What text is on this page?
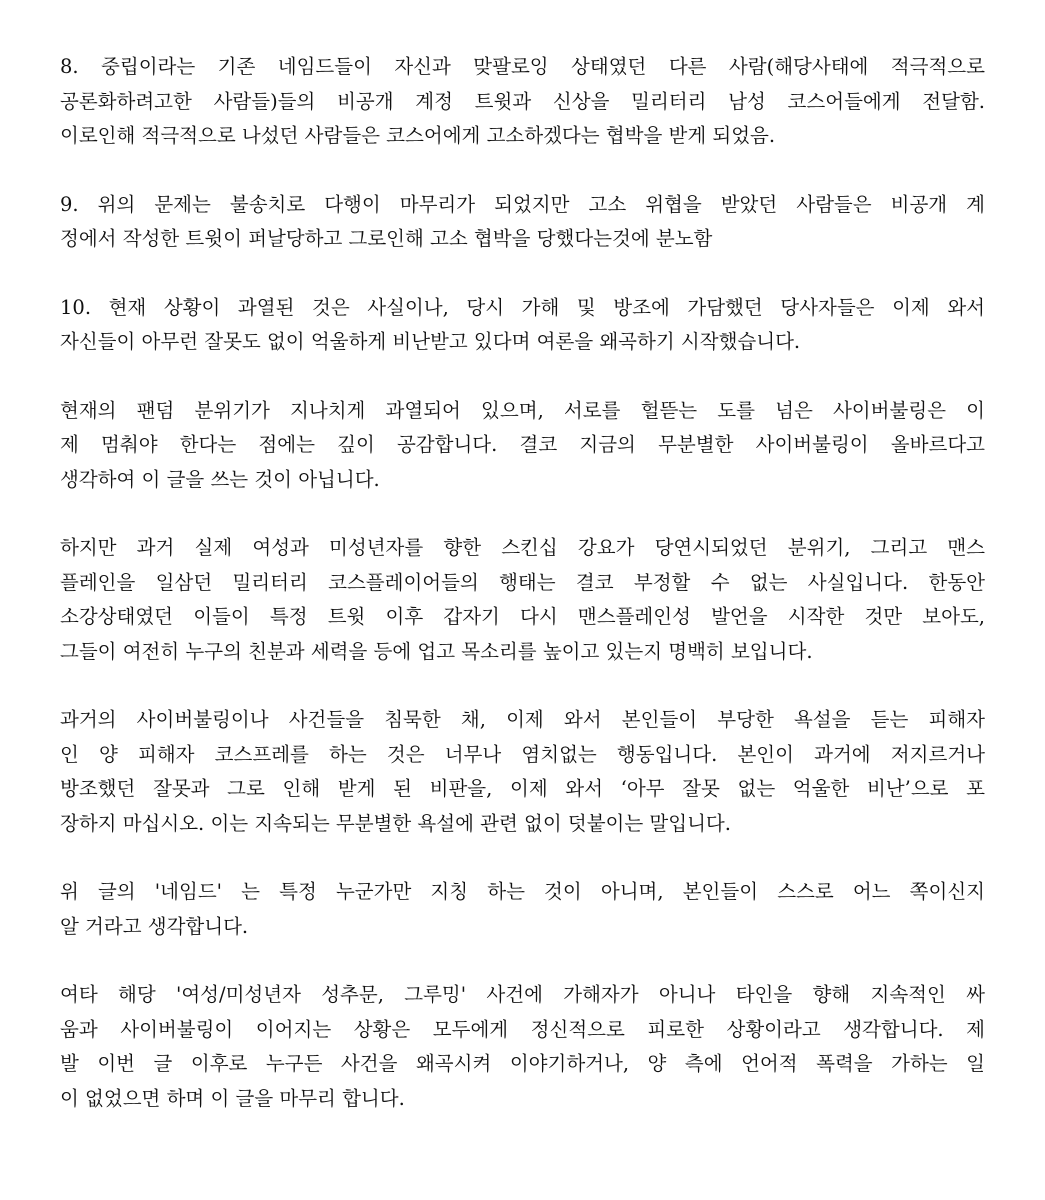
8. 중립이라는 기존 네임드들이 자신과 맞팔로잉 상태였던 다른 사람(해당사태에 적극적으로
공론화하려고한 사람들)들의 비공개 계정 트윗과 신상을 밀리터리 남성 코스어들에게 전달함.
이로인해 적극적으로 나섰던 사람들은 코스어에게 고소하겠다는 협박을 받게 되었음.
9. 위의 문제는 불송치로 다행이 마무리가 되었지만 고소 위협을 받았던 사람들은 비공개 계
정에서 작성한 트윗이 퍼날당하고 그로인해 고소 협박을 당했다는것에 분노함
10. 현재 상황이 과열된 것은 사실이나, 당시 가해 및 방조에 가담했던 당사자들은 이제 와서
자신들이 아무런 잘못도 없이 억울하게 비난받고 있다며 여론을 왜곡하기 시작했습니다.
현재의 팬덤 분위기가 지나치게 과열되어 있으며, 서로를 헐뜯는 도를 넘은 사이버불링은 이
제 멈춰야 한다는 점에는 깊이 공감합니다. 결코 지금의 무분별한 사이버불링이 올바르다고
생각하여 이 글을 쓰는 것이 아닙니다.
하지만 과거 실제 여성과 미성년자를 향한 스킨십 강요가 당연시되었던 분위기, 그리고 맨스
플레인을 일삼던 밀리터리 코스플레이어들의 행태는 결코 부정할 수 없는 사실입니다. 한동안
소강상태였던 이들이 특정 트윗 이후 갑자기 다시 맨스플레인성 발언을 시작한 것만 보아도,
그들이 여전히 누구의 친분과 세력을 등에 업고 목소리를 높이고 있는지 명백히 보입니다.
과거의 사이버불링이나 사건들을 침묵한 채, 이제 와서 본인들이 부당한 욕설을 듣는 피해자
인 양 피해자 코스프레를 하는 것은 너무나 염치없는 행동입니다. 본인이 과거에 저지르거나
방조했던 잘못과 그로 인해 받게 된 비판을, 이제 와서 ‘아무 잘못 없는 억울한 비난’으로 포
장하지 마십시오. 이는 지속되는 무분별한 욕설에 관련 없이 덧붙이는 말입니다.
위 글의 '네임드' 는 특정 누군가만 지칭 하는 것이 아니며, 본인들이 스스로 어느 쪽이신지
알 거라고 생각합니다.
여타 해당 '여성/미성년자 성추문, 그루밍' 사건에 가해자가 아니나 타인을 향해 지속적인 싸
움과 사이버불링이 이어지는 상황은 모두에게 정신적으로 피로한 상황이라고 생각합니다. 제
발 이번 글 이후로 누구든 사건을 왜곡시켜 이야기하거나, 양 측에 언어적 폭력을 가하는 일
이 없었으면 하며 이 글을 마무리 합니다.
